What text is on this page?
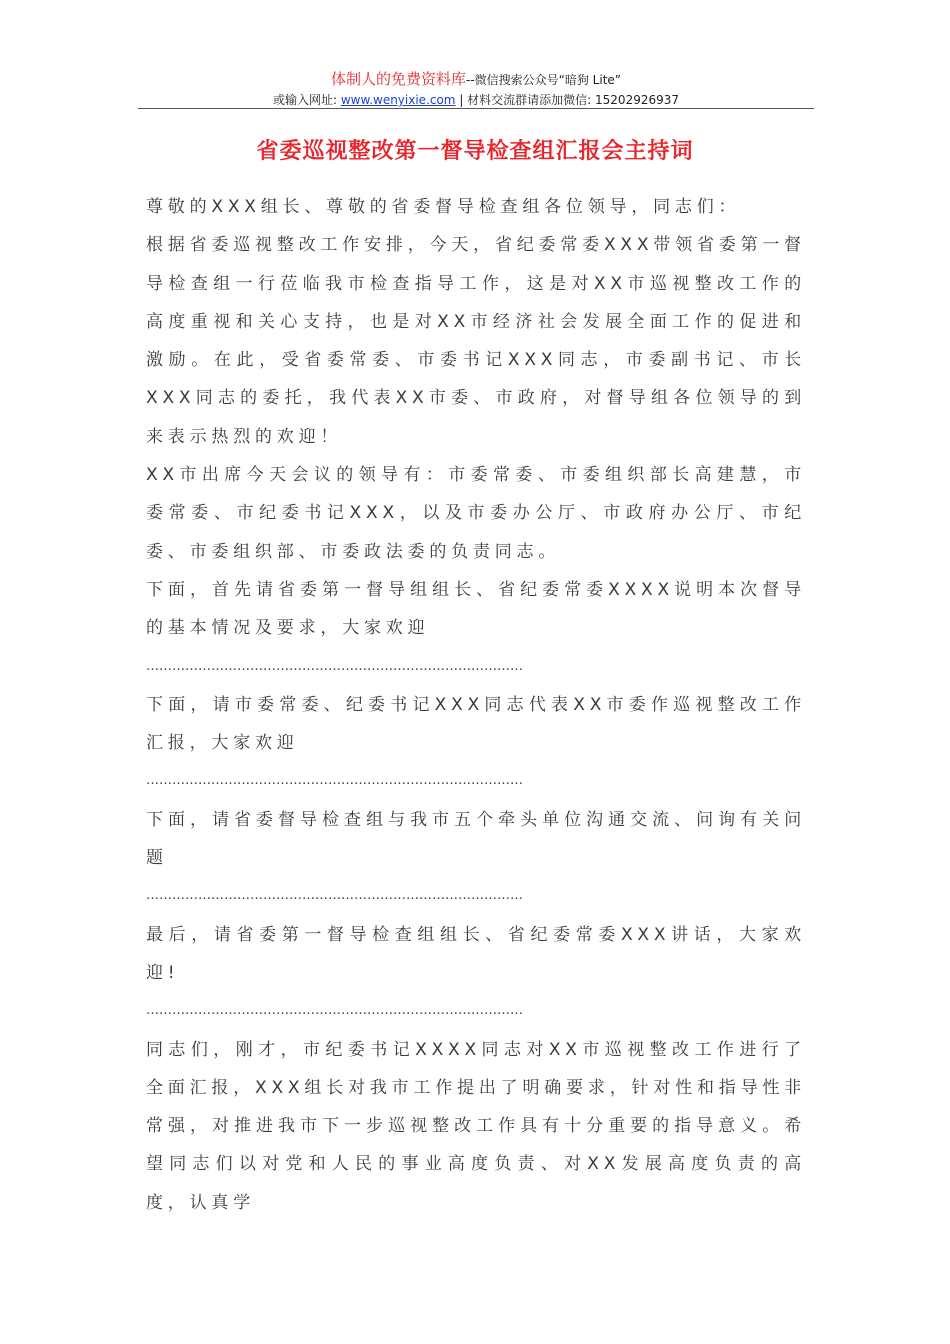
体制人的免费资料库--微信搜索公众号“暗狗 Lite”
或输入网址: www.wenyixie.com | 材料交流群请添加微信: 15202926937
省委巡视整改第一督导检查组汇报会主持词

尊敬的XXX组长、尊敬的省委督导检查组各位领导，同志们：

根据省委巡视整改工作安排，今天，省纪委常委XXX带领省委第一督导检查组一行莅临我市检查指导工作，这是对XX市巡视整改工作的高度重视和关心支持，也是对XX市经济社会发展全面工作的促进和激励。在此，受省委常委、市委书记XXX同志，市委副书记、市长XXX同志的委托，我代表XX市委、市政府，对督导组各位领导的到来表示热烈的欢迎！

XX市出席今天会议的领导有：市委常委、市委组织部长高建慧，市委常委、市纪委书记XXX，以及市委办公厅、市政府办公厅、市纪委、市委组织部、市委政法委的负责同志。

下面，首先请省委第一督导组组长、省纪委常委XXXX说明本次督导的基本情况及要求，大家欢迎

……………………………………………………………………………

下面，请市委常委、纪委书记XXX同志代表XX市委作巡视整改工作汇报，大家欢迎

……………………………………………………………………………

下面，请省委督导检查组与我市五个牵头单位沟通交流、问询有关问题

……………………………………………………………………………

最后，请省委第一督导检查组组长、省纪委常委XXX讲话，大家欢迎!

……………………………………………………………………………

同志们，刚才，市纪委书记XXXX同志对XX市巡视整改工作进行了全面汇报，XXX组长对我市工作提出了明确要求，针对性和指导性非常强，对推进我市下一步巡视整改工作具有十分重要的指导意义。希望同志们以对党和人民的事业高度负责、对XX发展高度负责的高度，认真学
